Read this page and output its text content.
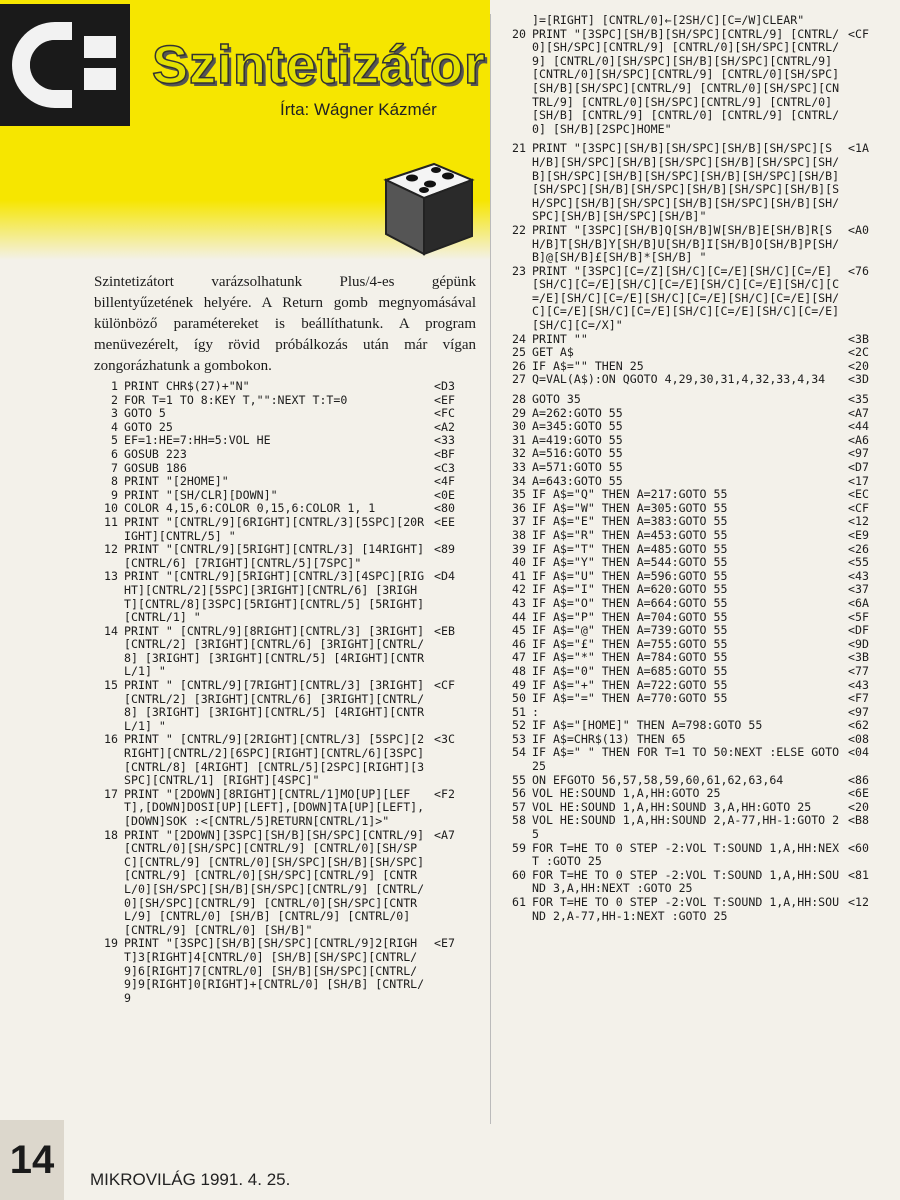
Szintetizátor
Írta: Wágner Kázmér

Szintetizátort varázsolhatunk Plus/4-es gépünk billentyűzetének helyére. A Return gomb megnyomásával különböző paramétereket is beállíthatunk. A program menüvezérelt, így rövid próbálkozás után már vígan zongorázhatunk a gombokon.

1 PRINT CHR$(27)+"N"	<D3
2 FOR T=1 TO 8:KEY T,"":NEXT T:T=0	<EF
3 GOTO 5	<FC
4 GOTO 25	<A2
5 EF=1:HE=7:HH=5:VOL HE	<33
6 GOSUB 223	<BF
7 GOSUB 186	<C3
8 PRINT "[2HOME]"	<4F
9 PRINT "[SH/CLR][DOWN]"	<0E
10 COLOR 4,15,6:COLOR 0,15,6:COLOR 1, 1	<80
11 PRINT "[CNTRL/9][6RIGHT][CNTRL/3][5SPC][20RIGHT][CNTRL/5] "
<EE
12 PRINT "[CNTRL/9][5RIGHT][CNTRL/3] [14RIGHT][CNTRL/6] [7RIGHT][CNTRL/5][7SPC]"
<89
13 PRINT "[CNTRL/9][5RIGHT][CNTRL/3][4SPC][RIGHT][CNTRL/2][5SPC][3RIGHT][CNTRL/6] [3RIGHT][CNTRL/8][3SPC][5RIGHT][CNTRL/5] [5RIGHT][CNTRL/1] "
<D4
14 PRINT " [CNTRL/9][8RIGHT][CNTRL/3] [3RIGHT][CNTRL/2] [3RIGHT][CNTRL/6] [3RIGHT][CNTRL/8] [3RIGHT] [3RIGHT][CNTRL/5] [4RIGHT][CNTRL/1] "
<EB
15 PRINT " [CNTRL/9][7RIGHT][CNTRL/3] [3RIGHT][CNTRL/2] [3RIGHT][CNTRL/6] [3RIGHT][CNTRL/8] [3RIGHT] [3RIGHT][CNTRL/5] [4RIGHT][CNTRL/1] "
<CF
16 PRINT " [CNTRL/9][2RIGHT][CNTRL/3] [5SPC][2RIGHT][CNTRL/2][6SPC][RIGHT][CNTRL/6][3SPC][CNTRL/8] [4RIGHT] [CNTRL/5][2SPC][RIGHT][3SPC][CNTRL/1] [RIGHT][4SPC]"
<3C
17 PRINT "[2DOWN][8RIGHT][CNTRL/1]MO[UP][LEFT],[DOWN]DOSI[UP][LEFT],[DOWN]TA[UP][LEFT],[DOWN]SOK :<[CNTRL/5]RETURN[CNTRL/1]>"
<F2
18 PRINT "[2DOWN][3SPC][SH/B][SH/SPC][CNTRL/9] [CNTRL/0][SH/SPC][CNTRL/9] [CNTRL/0][SH/SPC][CNTRL/9] [CNTRL/0][SH/SPC][SH/B][SH/SPC][CNTRL/9] [CNTRL/0][SH/SPC][CNTRL/9] [CNTRL/0][SH/SPC][SH/B][SH/SPC][CNTRL/9] [CNTRL/0][SH/SPC][CNTRL/9] [CNTRL/0][SH/SPC][CNTRL/9] [CNTRL/0] [SH/B] [CNTRL/9] [CNTRL/0] [CNTRL/9] [CNTRL/0] [SH/B]"
<A7
19 PRINT "[3SPC][SH/B][SH/SPC][CNTRL/9]2[RIGHT]3[RIGHT]4[CNTRL/0] [SH/B][SH/SPC][CNTRL/9]6[RIGHT]7[CNTRL/0] [SH/B][SH/SPC][CNTRL/9]9[RIGHT]0[RIGHT]+[CNTRL/0] [SH/B] [CNTRL/9
<E7
]=[RIGHT] [CNTRL/0]←[2SH/C][C=/W]CLEAR"
20 PRINT "[3SPC][SH/B][SH/SPC][CNTRL/9] [CNTRL/0][SH/SPC][CNTRL/9] [CNTRL/0][SH/SPC][CNTRL/9] [CNTRL/0][SH/SPC][SH/B][SH/SPC][CNTRL/9] [CNTRL/0][SH/SPC][CNTRL/9] [CNTRL/0][SH/SPC][SH/B][SH/SPC][CNTRL/9] [CNTRL/0][SH/SPC][CNTRL/9] [CNTRL/0][SH/SPC][CNTRL/9] [CNTRL/0] [SH/B] [CNTRL/9] [CNTRL/0] [CNTRL/9] [CNTRL/0] [SH/B][2SPC]HOME"
<CF
21 PRINT "[3SPC][SH/B][SH/SPC][SH/B][SH/SPC][SH/B][SH/SPC][SH/B][SH/SPC][SH/B][SH/SPC][SH/B][SH/SPC][SH/B][SH/SPC][SH/B][SH/SPC][SH/B][SH/SPC][SH/B][SH/SPC][SH/B][SH/SPC][SH/B][SH/SPC][SH/B][SH/SPC][SH/B][SH/SPC][SH/B][SH/SPC][SH/B][SH/SPC][SH/B]"
<1A
22 PRINT "[3SPC][SH/B]Q[SH/B]W[SH/B]E[SH/B]R[SH/B]T[SH/B]Y[SH/B]U[SH/B]I[SH/B]O[SH/B]P[SH/B]@[SH/B]£[SH/B]*[SH/B] "
<A0
23 PRINT "[3SPC][C=/Z][SH/C][C=/E][SH/C][C=/E][SH/C][C=/E][SH/C][C=/E][SH/C][C=/E][SH/C][C=/E][SH/C][C=/E][SH/C][C=/E][SH/C][C=/E][SH/C][C=/E][SH/C][C=/E][SH/C][C=/E][SH/C][C=/E][SH/C][C=/X]"
<76
24 PRINT ""	<3B
25 GET A$	<2C
26 IF A$="" THEN 25	<20
27 Q=VAL(A$):ON QGOTO 4,29,30,31,4,32,33,4,34	<3D
28 GOTO 35	<35
29 A=262:GOTO 55	<A7
30 A=345:GOTO 55	<44
31 A=419:GOTO 55	<A6
32 A=516:GOTO 55	<97
33 A=571:GOTO 55	<D7
34 A=643:GOTO 55	<17
35 IF A$="Q" THEN A=217:GOTO 55	<EC
36 IF A$="W" THEN A=305:GOTO 55	<CF
37 IF A$="E" THEN A=383:GOTO 55	<12
38 IF A$="R" THEN A=453:GOTO 55	<E9
39 IF A$="T" THEN A=485:GOTO 55	<26
40 IF A$="Y" THEN A=544:GOTO 55	<55
41 IF A$="U" THEN A=596:GOTO 55	<43
42 IF A$="I" THEN A=620:GOTO 55	<37
43 IF A$="O" THEN A=664:GOTO 55	<6A
44 IF A$="P" THEN A=704:GOTO 55	<5F
45 IF A$="@" THEN A=739:GOTO 55	<DF
46 IF A$="£" THEN A=755:GOTO 55	<9D
47 IF A$="*" THEN A=784:GOTO 55	<3B
48 IF A$="0" THEN A=685:GOTO 55	<77
49 IF A$="+" THEN A=722:GOTO 55	<43
50 IF A$="=" THEN A=770:GOTO 55	<F7
51 :	<97
52 IF A$="[HOME]" THEN A=798:GOTO 55	<62
53 IF A$=CHR$(13) THEN 65	<08
54 IF A$=" " THEN FOR T=1 TO 50:NEXT :ELSE GOTO 25
<04
55 ON EFGOTO 56,57,58,59,60,61,62,63,64	<86
56 VOL HE:SOUND 1,A,HH:GOTO 25	<6E
57 VOL HE:SOUND 1,A,HH:SOUND 3,A,HH:GOTO 25	<20
58 VOL HE:SOUND 1,A,HH:SOUND 2,A-77,HH-1:GOTO 25
<B8
59 FOR T=HE TO 0 STEP -2:VOL T:SOUND 1,A,HH:NEXT :GOTO 25
<60
60 FOR T=HE TO 0 STEP -2:VOL T:SOUND 1,A,HH:SOUND 3,A,HH:NEXT :GOTO 25
<81
61 FOR T=HE TO 0 STEP -2:VOL T:SOUND 1,A,HH:SOUND 2,A-77,HH-1:NEXT :GOTO 25
<12
14 MIKROVILÁG 1991. 4. 25.
